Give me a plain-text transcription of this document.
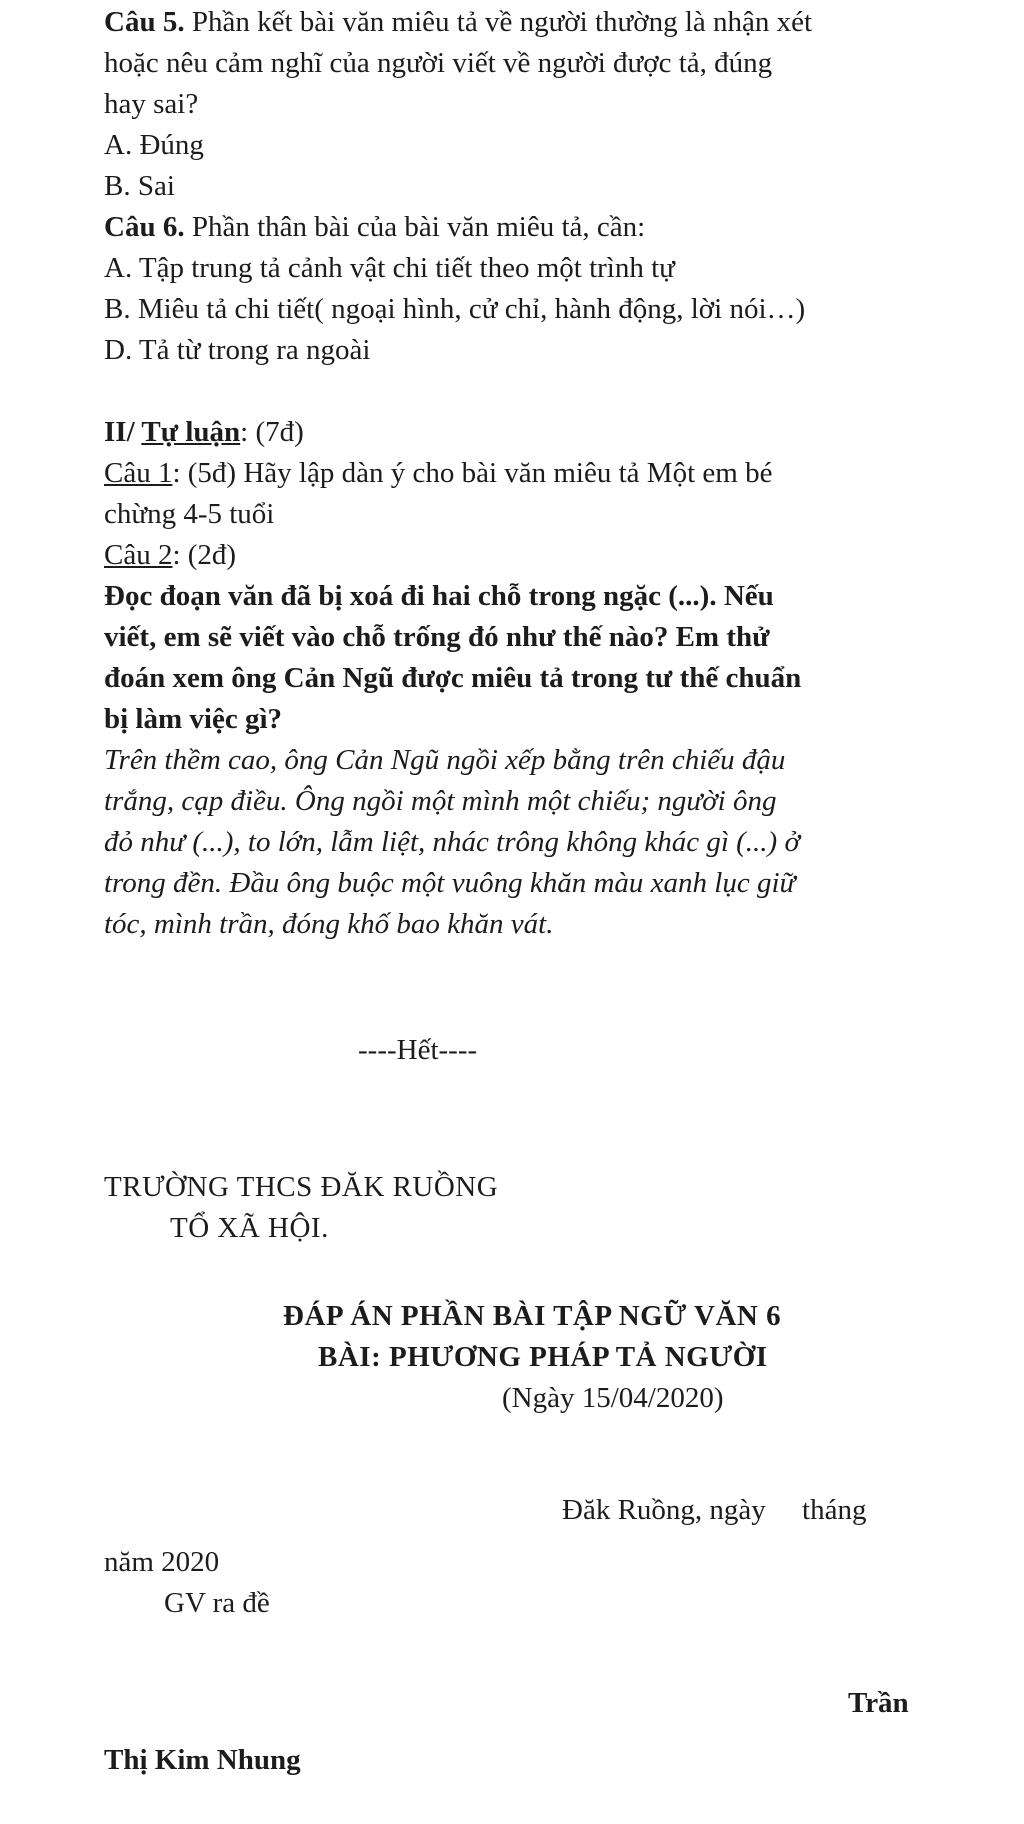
Câu 5. Phần kết bài văn miêu tả về người thường là nhận xét

hoặc nêu cảm nghĩ của người viết về người được tả, đúng

hay sai?

A. Đúng

B. Sai

Câu 6. Phần thân bài của bài văn miêu tả, cần:

A. Tập trung tả cảnh vật chi tiết theo một trình tự

B. Miêu tả chi tiết( ngoại hình, cử chỉ, hành động, lời nói…)

D. Tả từ trong ra ngoài

II/ Tự luận: (7đ)

Câu 1: (5đ) Hãy lập dàn ý cho bài văn miêu tả Một em bé

chừng 4-5 tuổi

Câu 2: (2đ)

Đọc đoạn văn đã bị xoá đi hai chỗ trong ngặc (...). Nếu

viết, em sẽ viết vào chỗ trống đó như thế nào? Em thử

đoán xem ông Cản Ngũ được miêu tả trong tư thế chuẩn

bị làm việc gì?

Trên thềm cao, ông Cản Ngũ ngồi xếp bằng trên chiếu đậu

trắng, cạp điều. Ông ngồi một mình một chiếu; người ông

đỏ như (...), to lớn, lẫm liệt, nhác trông không khác gì (...) ở

trong đền. Đầu ông buộc một vuông khăn màu xanh lục giữ

tóc, mình trần, đóng khố bao khăn vát.

----Hết----

TRƯỜNG THCS ĐĂK RUỒNG

TỔ XÃ HỘI.

ĐÁP ÁN PHẦN BÀI TẬP NGỮ VĂN 6

BÀI: PHƯƠNG PHÁP TẢ NGƯỜI

(Ngày 15/04/2020)

Đăk Ruồng, ngày     tháng

năm 2020

GV ra đề

Trần

Thị Kim Nhung
